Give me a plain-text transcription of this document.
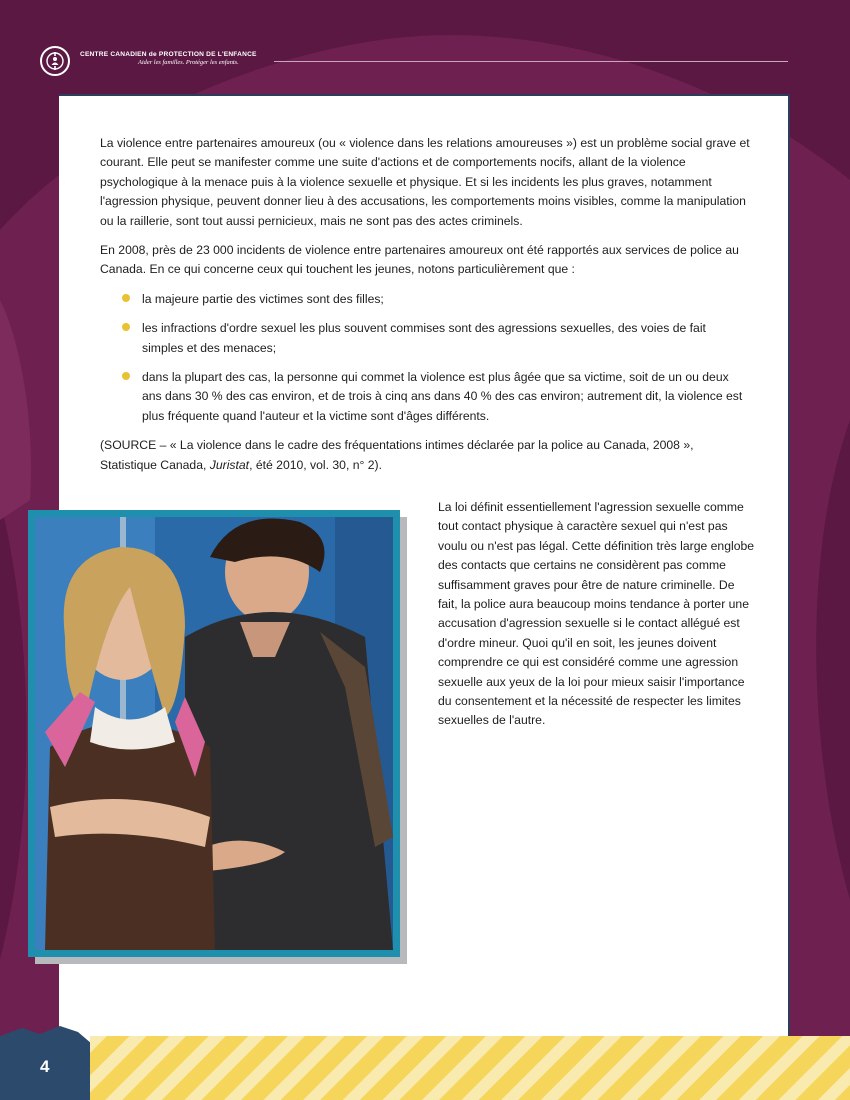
CENTRE CANADIEN de PROTECTION DE L'ENFANCE
Aider les familles. Protéger les enfants.

La violence entre partenaires amoureux (ou « violence dans les relations amoureuses ») est un problème social grave et courant. Elle peut se manifester comme une suite d'actions et de comportements nocifs, allant de la violence psychologique à la menace puis à la violence sexuelle et physique. Et si les incidents les plus graves, notamment l'agression physique, peuvent donner lieu à des accusations, les comportements moins visibles, comme la manipulation ou la raillerie, sont tout aussi pernicieux, mais ne sont pas des actes criminels.

En 2008, près de 23 000 incidents de violence entre partenaires amoureux ont été rapportés aux services de police au Canada. En ce qui concerne ceux qui touchent les jeunes, notons particulièrement que :

la majeure partie des victimes sont des filles;
les infractions d'ordre sexuel les plus souvent commises sont des agressions sexuelles, des voies de fait simples et des menaces;
dans la plupart des cas, la personne qui commet la violence est plus âgée que sa victime, soit de un ou deux ans dans 30 % des cas environ, et de trois à cinq ans dans 40 % des cas environ; autrement dit, la violence est plus fréquente quand l'auteur et la victime sont d'âges différents.

(SOURCE – « La violence dans le cadre des fréquentations intimes déclarée par la police au Canada, 2008 », Statistique Canada, Juristat, été 2010, vol. 30, n° 2).

La loi définit essentiellement l'agression sexuelle comme tout contact physique à caractère sexuel qui n'est pas voulu ou n'est pas légal. Cette définition très large englobe des contacts que certains ne considèrent pas comme suffisamment graves pour être de nature criminelle. De fait, la police aura beaucoup moins tendance à porter une accusation d'agression sexuelle si le contact allégué est d'ordre mineur. Quoi qu'il en soit, les jeunes doivent comprendre ce qui est considéré comme une agression sexuelle aux yeux de la loi pour mieux saisir l'importance du consentement et la nécessité de respecter les limites sexuelles de l'autre.
4
